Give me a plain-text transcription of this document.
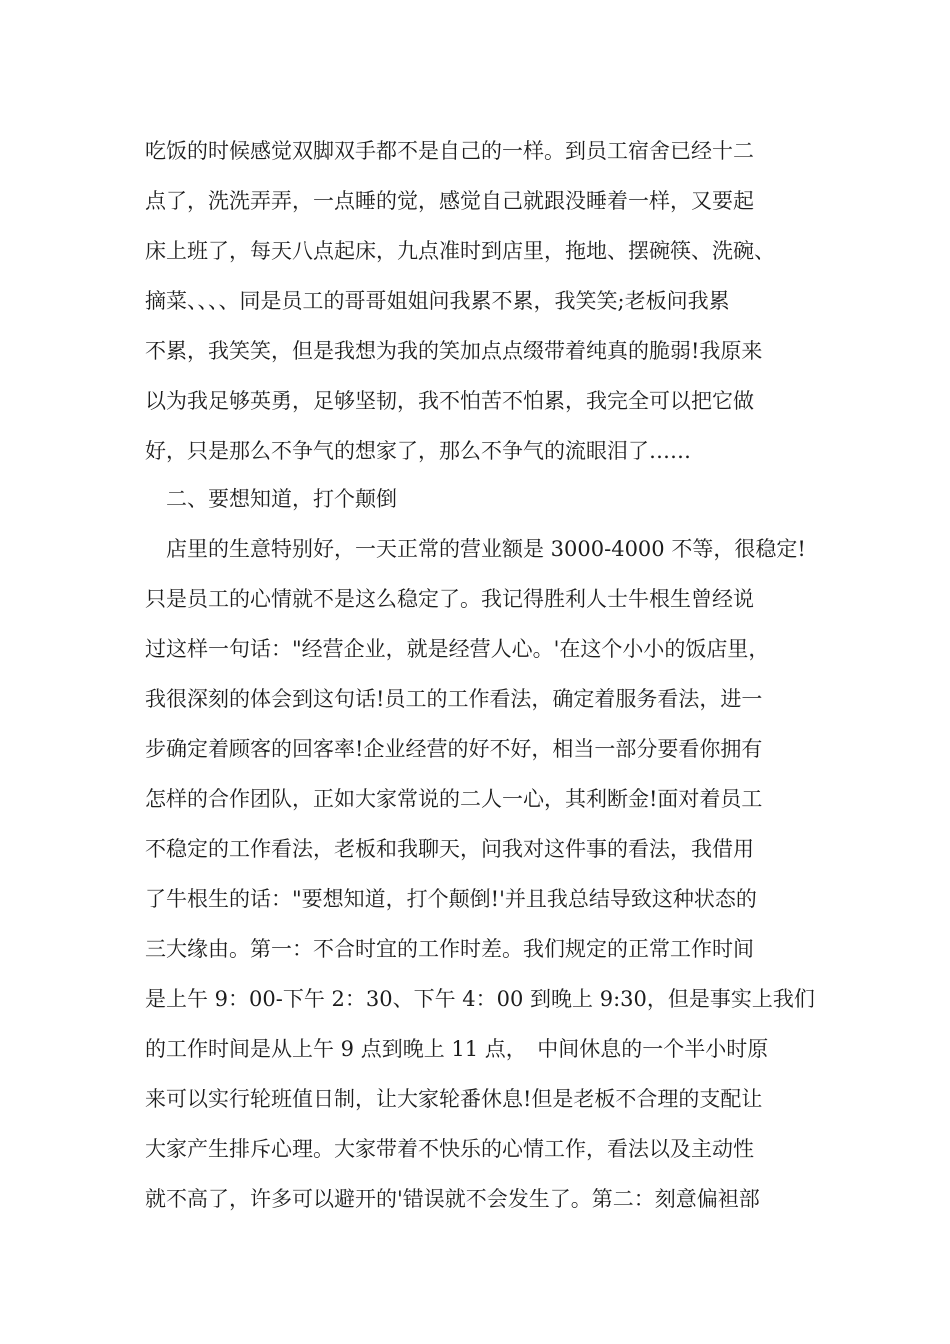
吃饭的时候感觉双脚双手都不是自己的一样。到员工宿舍已经十二
点了，洗洗弄弄，一点睡的觉，感觉自己就跟没睡着一样，又要起
床上班了，每天八点起床，九点准时到店里，拖地、摆碗筷、洗碗、
摘菜、、、、同是员工的哥哥姐姐问我累不累，我笑笑;老板问我累
不累，我笑笑，但是我想为我的笑加点点缀带着纯真的脆弱!我原来
以为我足够英勇，足够坚韧，我不怕苦不怕累，我完全可以把它做
好，只是那么不争气的想家了，那么不争气的流眼泪了……
二、要想知道，打个颠倒
店里的生意特别好，一天正常的营业额是 3000-4000 不等，很稳定!
只是员工的心情就不是这么稳定了。我记得胜利人士牛根生曾经说
过这样一句话："经营企业，就是经营人心。'在这个小小的饭店里，
我很深刻的体会到这句话!员工的工作看法，确定着服务看法，进一
步确定着顾客的回客率!企业经营的好不好，相当一部分要看你拥有
怎样的合作团队，正如大家常说的二人一心，其利断金!面对着员工
不稳定的工作看法，老板和我聊天，问我对这件事的看法，我借用
了牛根生的话："要想知道，打个颠倒!'并且我总结导致这种状态的
三大缘由。第一：不合时宜的工作时差。我们规定的正常工作时间
是上午 9：00-下午 2：30、下午 4：00 到晚上 9:30，但是事实上我们
的工作时间是从上午 9 点到晚上 11 点，　中间休息的一个半小时原
来可以实行轮班值日制，让大家轮番休息!但是老板不合理的支配让
大家产生排斥心理。大家带着不快乐的心情工作，看法以及主动性
就不高了，许多可以避开的'错误就不会发生了。第二：刻意偏袒部
